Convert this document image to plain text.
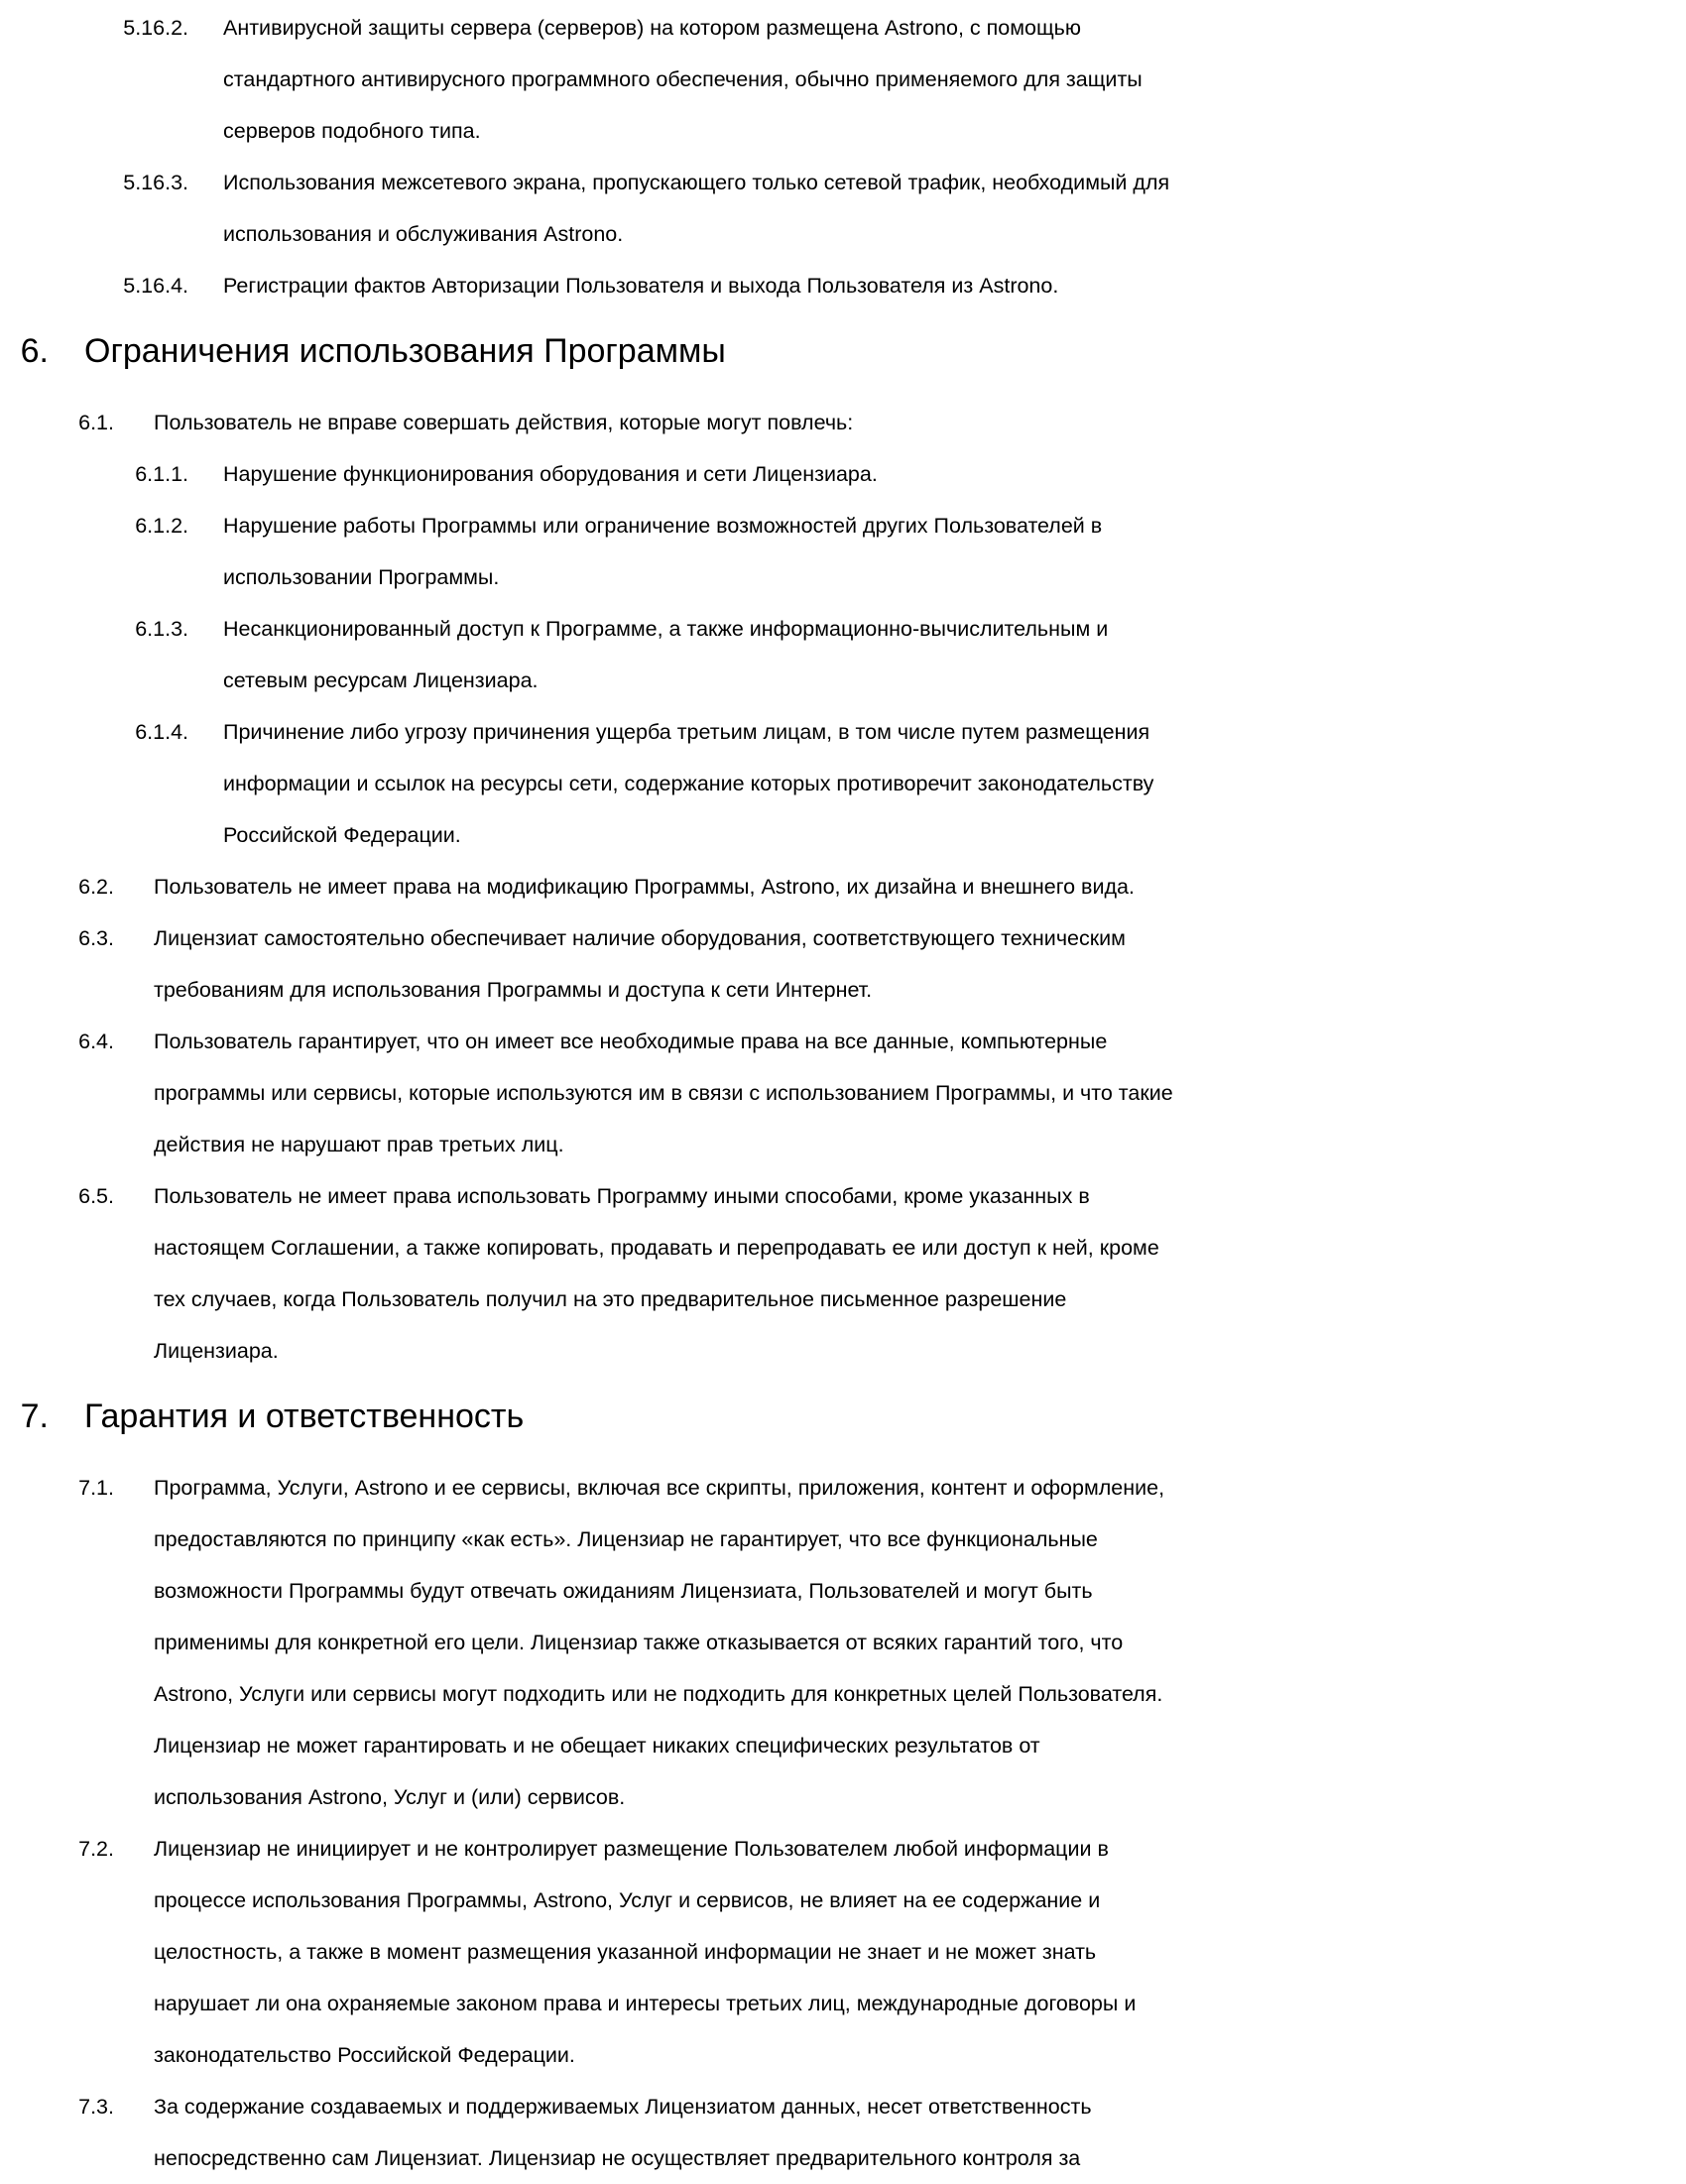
5.16.2. Антивирусной защиты сервера (серверов) на котором размещена Astrono, с помощью
стандартного антивирусного программного обеспечения, обычно применяемого для защиты
серверов подобного типа.
5.16.3. Использования межсетевого экрана, пропускающего только сетевой трафик, необходимый для
использования и обслуживания Astrono.
5.16.4. Регистрации фактов Авторизации Пользователя и выхода Пользователя из Astrono.
6. Ограничения использования Программы
6.1. Пользователь не вправе совершать действия, которые могут повлечь:
6.1.1. Нарушение функционирования оборудования и сети Лицензиара.
6.1.2. Нарушение работы Программы или ограничение возможностей других Пользователей в
использовании Программы.
6.1.3. Несанкционированный доступ к Программе, а также информационно-вычислительным и
сетевым ресурсам Лицензиара.
6.1.4. Причинение либо угрозу причинения ущерба третьим лицам, в том числе путем размещения
информации и ссылок на ресурсы сети, содержание которых противоречит законодательству
Российской Федерации.
6.2. Пользователь не имеет права на модификацию Программы, Astrono, их дизайна и внешнего вида.
6.3. Лицензиат самостоятельно обеспечивает наличие оборудования, соответствующего техническим
требованиям для использования Программы и доступа к сети Интернет.
6.4. Пользователь гарантирует, что он имеет все необходимые права на все данные, компьютерные
программы или сервисы, которые используются им в связи с использованием Программы, и что такие
действия не нарушают прав третьих лиц.
6.5. Пользователь не имеет права использовать Программу иными способами, кроме указанных в
настоящем Соглашении, а также копировать, продавать и перепродавать ее или доступ к ней, кроме
тех случаев, когда Пользователь получил на это предварительное письменное разрешение
Лицензиара.
7. Гарантия и ответственность
7.1. Программа, Услуги, Astrono и ее сервисы, включая все скрипты, приложения, контент и оформление,
предоставляются по принципу «как есть». Лицензиар не гарантирует, что все функциональные
возможности Программы будут отвечать ожиданиям Лицензиата, Пользователей и могут быть
применимы для конкретной его цели. Лицензиар также отказывается от всяких гарантий того, что
Astrono, Услуги или сервисы могут подходить или не подходить для конкретных целей Пользователя.
Лицензиар не может гарантировать и не обещает никаких специфических результатов от
использования Astrono, Услуг и (или) сервисов.
7.2. Лицензиар не инициирует и не контролирует размещение Пользователем любой информации в
процессе использования Программы, Astrono, Услуг и сервисов, не влияет на ее содержание и
целостность, а также в момент размещения указанной информации не знает и не может знать
нарушает ли она охраняемые законом права и интересы третьих лиц, международные договоры и
законодательство Российской Федерации.
7.3. За содержание создаваемых и поддерживаемых Лицензиатом данных, несет ответственность
непосредственно сам Лицензиат. Лицензиар не осуществляет предварительного контроля за
